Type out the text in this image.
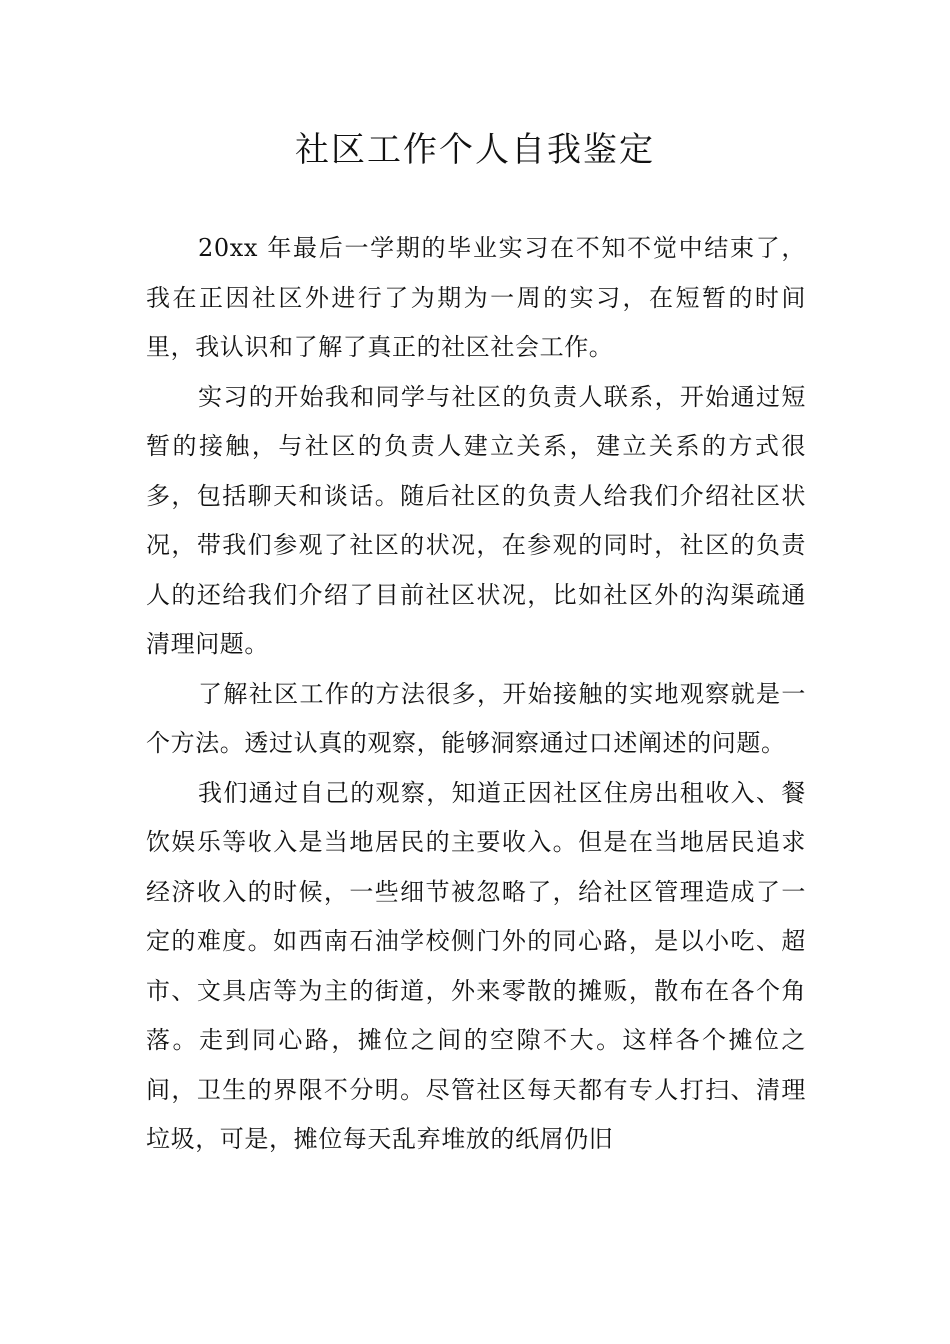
社区工作个人自我鉴定

20xx 年最后一学期的毕业实习在不知不觉中结束了，我在正因社区外进行了为期为一周的实习，在短暂的时间里，我认识和了解了真正的社区社会工作。

实习的开始我和同学与社区的负责人联系，开始通过短暂的接触，与社区的负责人建立关系，建立关系的方式很多，包括聊天和谈话。随后社区的负责人给我们介绍社区状况，带我们参观了社区的状况，在参观的同时，社区的负责人的还给我们介绍了目前社区状况，比如社区外的沟渠疏通清理问题。

了解社区工作的方法很多，开始接触的实地观察就是一个方法。透过认真的观察，能够洞察通过口述阐述的问题。

我们通过自己的观察，知道正因社区住房出租收入、餐饮娱乐等收入是当地居民的主要收入。但是在当地居民追求经济收入的时候，一些细节被忽略了，给社区管理造成了一定的难度。如西南石油学校侧门外的同心路，是以小吃、超市、文具店等为主的街道，外来零散的摊贩，散布在各个角落。走到同心路，摊位之间的空隙不大。这样各个摊位之间，卫生的界限不分明。尽管社区每天都有专人打扫、清理垃圾，可是，摊位每天乱弃堆放的纸屑仍旧
